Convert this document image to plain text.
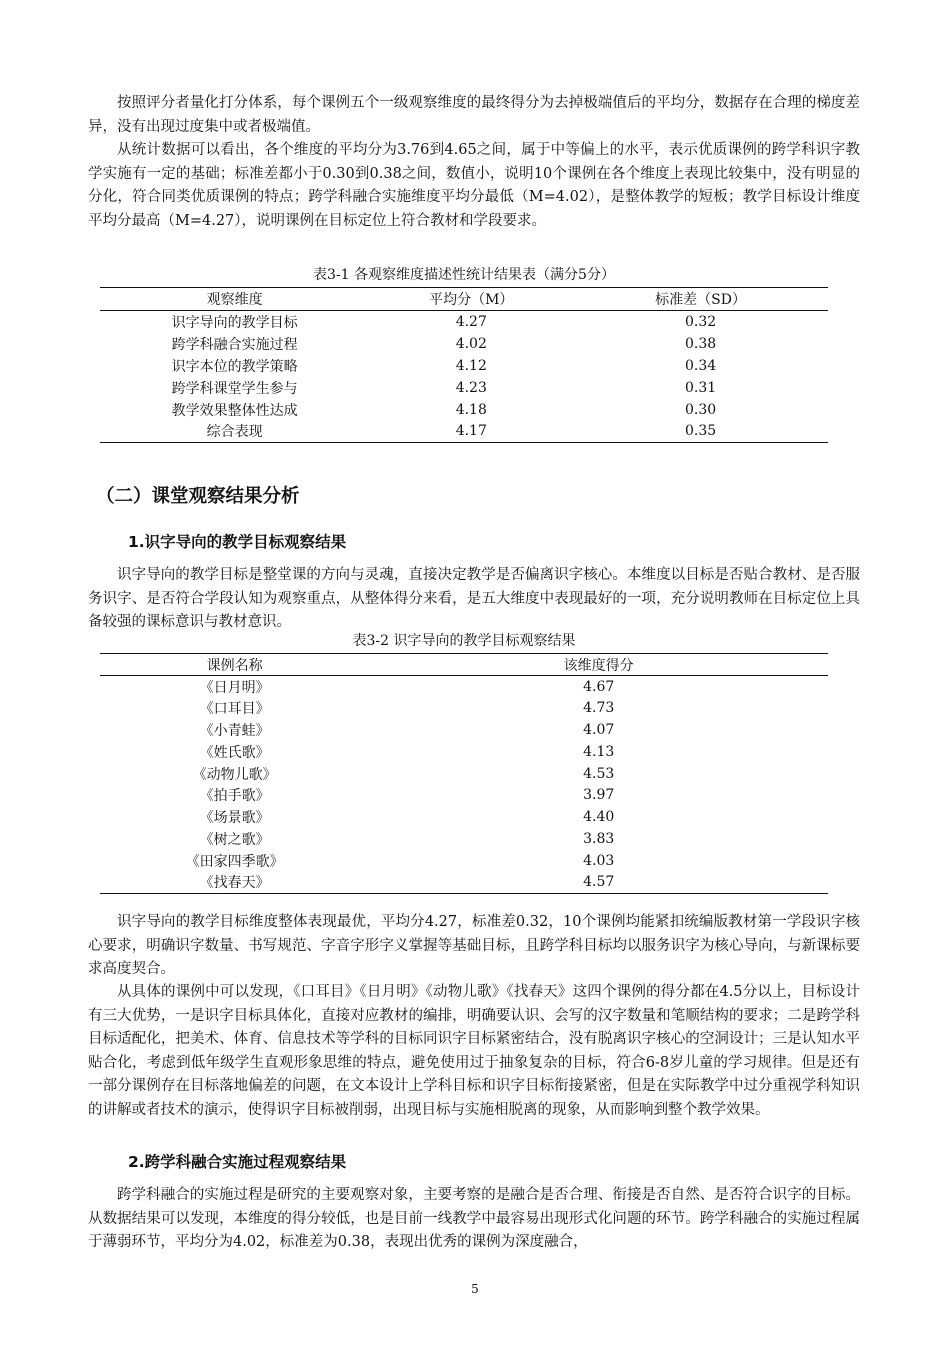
按照评分者量化打分体系，每个课例五个一级观察维度的最终得分为去掉极端值后的平均分，数据存在合理的梯度差异，没有出现过度集中或者极端值。

从统计数据可以看出，各个维度的平均分为3.76到4.65之间，属于中等偏上的水平，表示优质课例的跨学科识字教学实施有一定的基础；标准差都小于0.30到0.38之间，数值小，说明10个课例在各个维度上表现比较集中，没有明显的分化，符合同类优质课例的特点；跨学科融合实施维度平均分最低（M=4.02），是整体教学的短板；教学目标设计维度平均分最高（M=4.27），说明课例在目标定位上符合教材和学段要求。

表3-1 各观察维度描述性统计结果表（满分5分）
观察维度	平均分（M）	标准差（SD）
识字导向的教学目标	4.27	0.32
跨学科融合实施过程	4.02	0.38
识字本位的教学策略	4.12	0.34
跨学科课堂学生参与	4.23	0.31
教学效果整体性达成	4.18	0.30
综合表现	4.17	0.35
（二）课堂观察结果分析
1.识字导向的教学目标观察结果

识字导向的教学目标是整堂课的方向与灵魂，直接决定教学是否偏离识字核心。本维度以目标是否贴合教材、是否服务识字、是否符合学段认知为观察重点，从整体得分来看，是五大维度中表现最好的一项，充分说明教师在目标定位上具备较强的课标意识与教材意识。

表3-2 识字导向的教学目标观察结果
课例名称	该维度得分
《日月明》	4.67
《口耳目》	4.73
《小青蛙》	4.07
《姓氏歌》	4.13
《动物儿歌》	4.53
《拍手歌》	3.97
《场景歌》	4.40
《树之歌》	3.83
《田家四季歌》	4.03
《找春天》	4.57

识字导向的教学目标维度整体表现最优，平均分4.27，标准差0.32，10个课例均能紧扣统编版教材第一学段识字核心要求，明确识字数量、书写规范、字音字形字义掌握等基础目标，且跨学科目标均以服务识字为核心导向，与新课标要求高度契合。

从具体的课例中可以发现，《口耳目》《日月明》《动物儿歌》《找春天》这四个课例的得分都在4.5分以上，目标设计有三大优势，一是识字目标具体化，直接对应教材的编排，明确要认识、会写的汉字数量和笔顺结构的要求；二是跨学科目标适配化，把美术、体育、信息技术等学科的目标同识字目标紧密结合，没有脱离识字核心的空洞设计；三是认知水平贴合化，考虑到低年级学生直观形象思维的特点，避免使用过于抽象复杂的目标，符合6-8岁儿童的学习规律。但是还有一部分课例存在目标落地偏差的问题，在文本设计上学科目标和识字目标衔接紧密，但是在实际教学中过分重视学科知识的讲解或者技术的演示，使得识字目标被削弱，出现目标与实施相脱离的现象，从而影响到整个教学效果。

2.跨学科融合实施过程观察结果

跨学科融合的实施过程是研究的主要观察对象，主要考察的是融合是否合理、衔接是否自然、是否符合识字的目标。从数据结果可以发现，本维度的得分较低，也是目前一线教学中最容易出现形式化问题的环节。跨学科融合的实施过程属于薄弱环节，平均分为4.02，标准差为0.38，表现出优秀的课例为深度融合，

5
